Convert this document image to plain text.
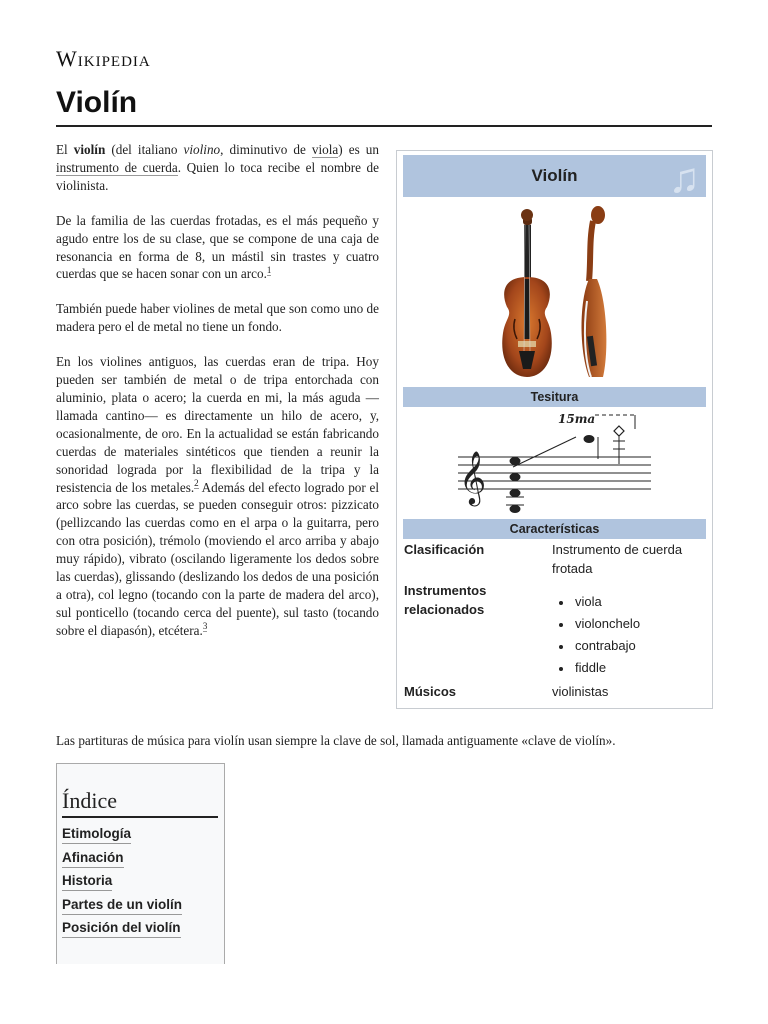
Wikipedia
Violín

El violín (del italiano violino, diminutivo de viola) es un instrumento de cuerda. Quien lo toca recibe el nombre de violinista.

De la familia de las cuerdas frotadas, es el más pequeño y agudo entre los de su clase, que se compone de una caja de resonancia en forma de 8, un mástil sin trastes y cuatro cuerdas que se hacen sonar con un arco.$^1$

También puede haber violines de metal que son como uno de madera pero el de metal no tiene un fondo.

En los violines antiguos, las cuerdas eran de tripa. Hoy pueden ser también de metal o de tripa entorchada con aluminio, plata o acero; la cuerda en mi, la más aguda —llamada cantino— es directamente un hilo de acero, y, ocasionalmente, de oro. En la actualidad se están fabricando cuerdas de materiales sintéticos que tienden a reunir la sonoridad lograda por la flexibilidad de la tripa y la resistencia de los metales.$^2$ Además del efecto logrado por el arco sobre las cuerdas, se pueden conseguir otros: pizzicato (pellizcando las cuerdas como en el arpa o la guitarra, pero con otra posición), trémolo (moviendo el arco arriba y abajo muy rápido), vibrato (oscilando ligeramente los dedos sobre las cuerdas), glissando (deslizando los dedos de una posición a otra), col legno (tocando con la parte de madera del arco), sul ponticello (tocando cerca del puente), sul tasto (tocando sobre el diapasón), etcétera.$^3$

Las partituras de música para violín usan siempre la clave de sol, llamada antiguamente «clave de violín».
♫
Violín
Tesitura
𝄞
15ma
Características
Clasificación	Instrumento de cuerda frotada
Instrumentos relacionados
viola
violonchelo
contrabajo
fiddle
Músicos	violinistas
Índice
Etimología
Afinación
Historia
Partes de un violín
Posición del violín
